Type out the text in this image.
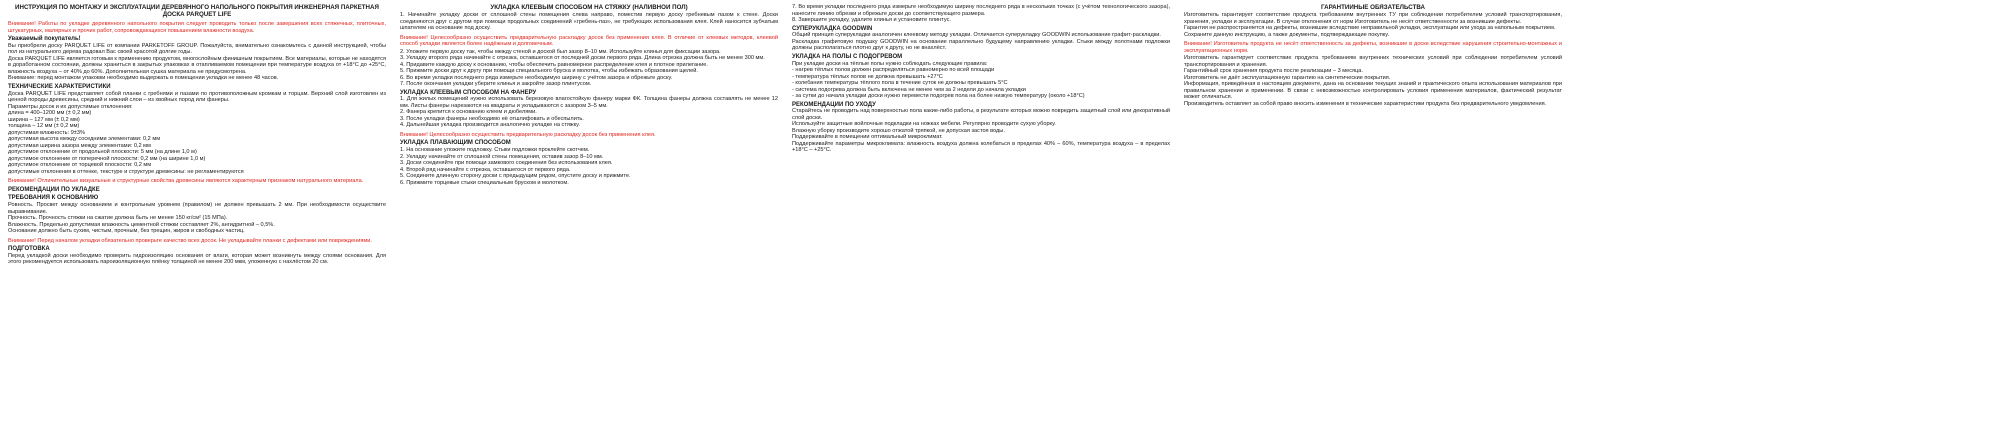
ИНСТРУКЦИЯ ПО МОНТАЖУ И ЭКСПЛУАТАЦИИ ДЕРЕВЯННОГО НАПОЛЬНОГО ПОКРЫТИЯ ИНЖЕНЕРНАЯ ПАРКЕТНАЯ ДОСКА PARQUET LIFE

Внимание! Работы по укладке деревянного напольного покрытия следует проводить только после завершения всех стяжечных, плиточных, штукатурных, малярных и прочих работ, сопровождающихся повышением влажности воздуха.

Уважаемый покупатель!

Вы приобрели доску PARQUET LIFE от компании PARKETOFF GROUP. Пожалуйста, внимательно ознакомьтесь с данной инструкцией, чтобы пол из натурального дерева радовал Вас своей красотой долгие годы.

Доска PARQUET LIFE является готовым к применению продуктом, многослойным финишным покрытием. Все материалы, которые не находятся в доработанном состоянии, должны храниться в закрытых упаковках в отапливаемом помещении при температуре воздуха от +18°С до +25°С, влажность воздуха – от 40% до 60%. Дополнительная сушка материала не предусмотрена.

Внимание: перед монтажом упаковки необходимо выдержать в помещении укладки не менее 48 часов.

ТЕХНИЧЕСКИЕ ХАРАКТЕРИСТИКИ

Доска PARQUET LIFE представляет собой планки с гребнями и пазами по противоположным кромкам и торцам. Верхний слой изготовлен из ценной породы древесины, средний и нижний слои – из хвойных пород или фанеры.

Параметры досок и их допустимые отклонения:

длина = 400–1200 мм (± 0,2 мм)

ширина – 127 мм (± 0,2 мм)

толщина – 12 мм (± 0,2 мм)

допустимая влажность: 9±3%

допустимая высота между соседними элементами: 0,2 мм

допустимая ширина зазора между элементами: 0,2 мм

допустимое отклонение от продольной плоскости: 5 мм (на длине 1,0 м)

допустимое отклонение от поперечной плоскости: 0,2 мм (на ширине 1,0 м)

допустимое отклонение от торцевой плоскости: 0,2 мм

допустимые отклонения в оттенке, текстуре и структуре древесины: не регламентируются

Внимание! Отличительные визуальные и структурные свойства древесины являются характерным признаком натурального материала.

РЕКОМЕНДАЦИИ ПО УКЛАДКЕ
ТРЕБОВАНИЯ К ОСНОВАНИЮ

Ровность. Просвет между основанием и контрольным уровнем (правилом) не должен превышать 2 мм. При необходимости осуществите выравнивание.

Прочность. Прочность стяжки на сжатие должна быть не менее 150 кг/см² (15 МПа).

Влажность. Предельно допустимая влажность цементной стяжки составляет 2%, ангидритной – 0,5%.

Основание должно быть сухим, чистым, прочным, без трещин, жиров и свободных частиц.

Внимание! Перед началом укладки обязательно проверьте качество всех досок. Не укладывайте планки с дефектами или повреждениями.

ПОДГОТОВКА

Перед укладкой доски необходимо проверить гидроизоляцию основания от влаги, которая может возникнуть между слоями основания. Для этого рекомендуется использовать пароизоляционную плёнку толщиной не менее 200 мкм, уложенную с нахлёстом 20 см.

УКЛАДКА КЛЕЕВЫМ СПОСОБОМ НА СТЯЖКУ (НАЛИВНОЙ ПОЛ)

1. Начинайте укладку доски от сплошной стены помещения слева направо, поместив первую доску гребневым пазом к стене. Доски соединяются друг с другом при помощи продольных соединений «гребень-паз», не требующих использования клея. Клей наносится зубчатым шпателем на основание под доску.

Внимание! Целесообразно осуществить предварительную раскладку досок без применения клея. В отличие от клеевых методов, клеевой способ укладки является более надёжным и долговечным.

2. Уложите первую доску так, чтобы между стеной и доской был зазор 8–10 мм. Используйте клинья для фиксации зазора.

3. Укладку второго ряда начинайте с отрезка, оставшегося от последней доски первого ряда. Длина отрезка должна быть не менее 300 мм.

4. Придавите каждую доску к основанию, чтобы обеспечить равномерное распределение клея и плотное прилегание.

5. Прижмите доски друг к другу при помощи специального бруска и молотка, чтобы избежать образования щелей.

6. Во время укладки последнего ряда измерьте необходимую ширину с учётом зазора и обрежьте доску.

7. После окончания укладки уберите клинья и закройте зазор плинтусом.

УКЛАДКА КЛЕЕВЫМ СПОСОБОМ НА ФАНЕРУ

1. Для жилых помещений нужно использовать березовую влагостойкую фанеру марки ФК. Толщина фанеры должна составлять не менее 12 мм. Листы фанеры нарезаются на квадраты и укладываются с зазором 3–5 мм.

2. Фанера крепится к основанию клеем и дюбелями.

3. После укладки фанеры необходимо её отшлифовать и обеспылить.

4. Дальнейшая укладка производится аналогично укладке на стяжку.

Внимание! Целесообразно осуществить предварительную раскладку досок без применения клея.

УКЛАДКА ПЛАВАЮЩИМ СПОСОБОМ

1. На основание уложите подложку. Стыки подложки проклейте скотчем.

2. Укладку начинайте от сплошной стены помещения, оставив зазор 8–10 мм.

3. Доски соединяйте при помощи замкового соединения без использования клея.

4. Второй ряд начинайте с отрезка, оставшегося от первого ряда.

5. Соедините длинную сторону доски с предыдущим рядом, опустите доску и прижмите.

6. Прижмите торцевые стыки специальным бруском и молотком.

7. Во время укладки последнего ряда измерьте необходимую ширину последнего ряда в нескольких точках (с учётом технологического зазора), нанесите линию обрезки и обрежьте доски до соответствующего размера.

8. Завершите укладку, удалите клинья и установите плинтус.

СУПЕРУКЛАДКА GOODWIN

Общий принцип суперукладки аналогичен клеевому методу укладки. Отличается суперукладку GOODWIN использование графит-раскладки.

Раскладка графитовую подушку GOODWIN на основание параллельно будущему направлению укладки. Стыки между полотнами подложки должны располагаться плотно друг к другу, но не внахлёст.

УКЛАДКА НА ПОЛЫ С ПОДОГРЕВОМ

При укладке доски на тёплые полы нужно соблюдать следующие правила:

- нагрев тёплых полов должен распределяться равномерно по всей площади

- температура тёплых полов не должна превышать +27°С

- колебания температуры тёплого пола в течение суток не должны превышать 5°С

- система подогрева должна быть включена не менее чем за 2 недели до начала укладки

- за сутки до начала укладки доски нужно перевести подогрев пола на более низкую температуру (около +18°С)

РЕКОМЕНДАЦИИ ПО УХОДУ

Старайтесь не проводить над поверхностью пола какие-либо работы, в результате которых можно повредить защитный слой или декоративный слой доски.

Используйте защитные войлочные подкладки на ножках мебели. Регулярно проводите сухую уборку.

Влажную уборку производите хорошо отжатой тряпкой, не допуская застоя воды.

Поддерживайте в помещении оптимальный микроклимат.

Поддерживайте параметры микроклимата: влажность воздуха должна колебаться в пределах 40% – 60%, температура воздуха – в пределах +18°С – +25°С.

ГАРАНТИЙНЫЕ ОБЯЗАТЕЛЬСТВА

Изготовитель гарантирует соответствие продукта требованиям внутренних ТУ при соблюдении потребителем условий транспортирования, хранения, укладки и эксплуатации. В случае отклонения от норм Изготовитель не несёт ответственности за возникшие дефекты.

Гарантия не распространяется на дефекты, возникшие вследствие неправильной укладки, эксплуатации или ухода за напольным покрытием.

Сохраните данную инструкцию, а также документы, подтверждающие покупку.

Внимание! Изготовитель продукта не несёт ответственность за дефекты, возникшие в доске вследствие нарушения строительно-монтажных и эксплуатационных норм.

Изготовитель гарантирует соответствие продукта требованиям внутренних технических условий при соблюдении потребителем условий транспортирования и хранения.

Гарантийный срок хранения продукта после реализации – 3 месяца.

Изготовитель не даёт эксплуатационную гарантию на синтетические покрытия.

Информация, приведённая в настоящем документе, дана на основании текущих знаний и практического опыта использования материалов при правильном хранении и применении. В связи с невозможностью контролировать условия применения материалов, фактический результат может отличаться.

Производитель оставляет за собой право вносить изменения в технические характеристики продукта без предварительного уведомления.
